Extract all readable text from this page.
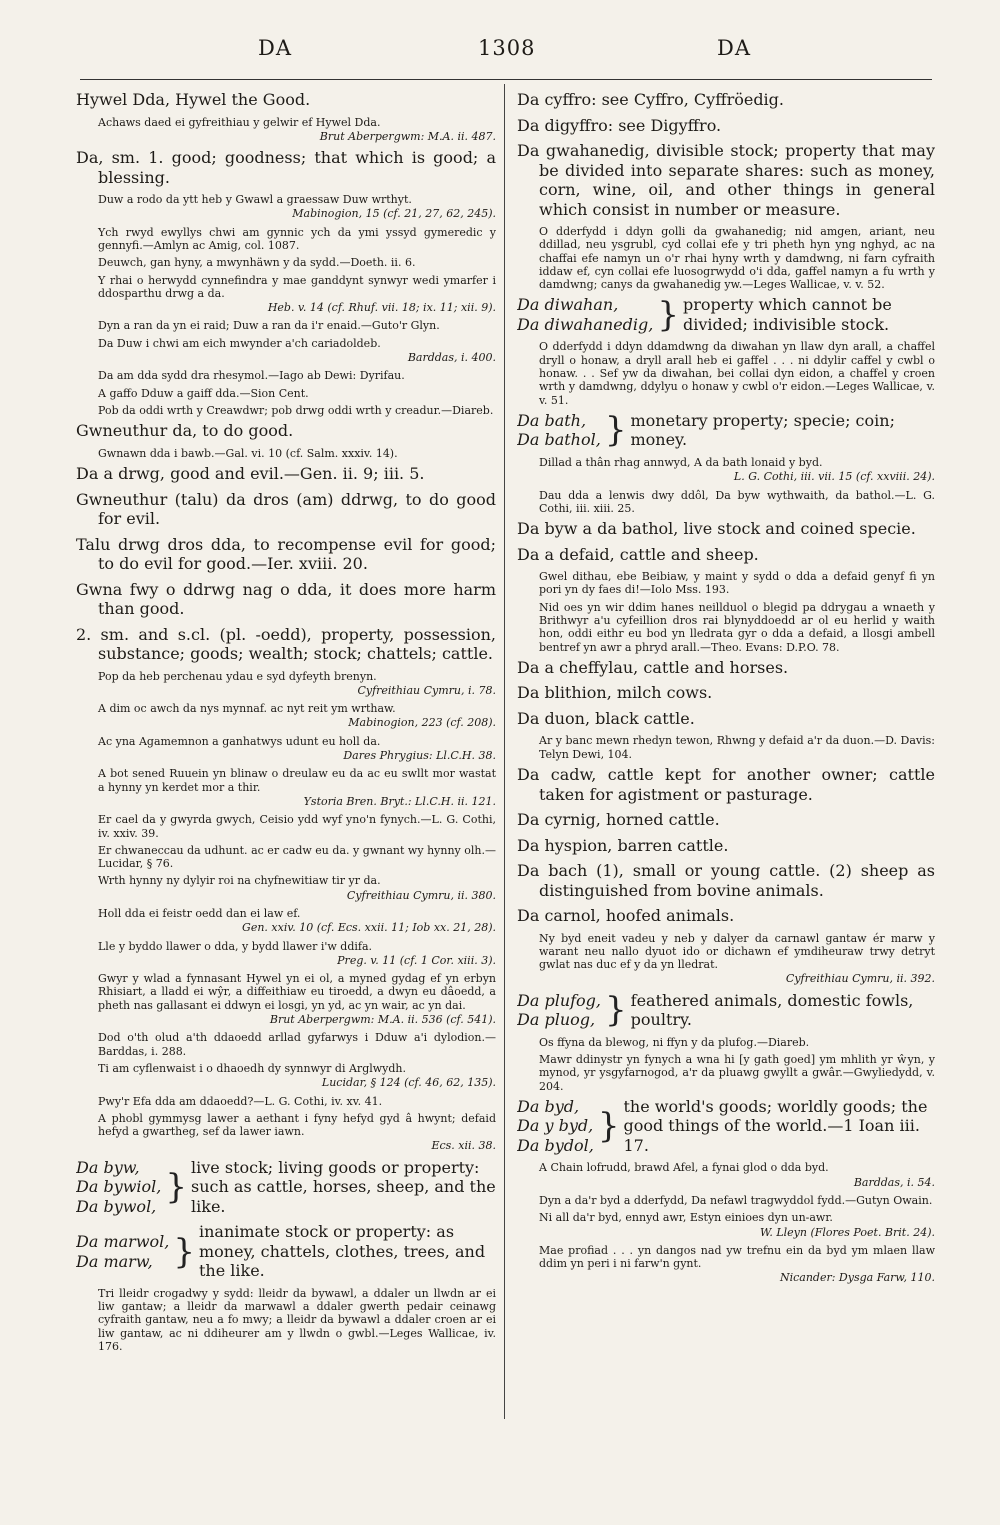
DA	1308	DA

Hywel Dda, Hywel the Good.

Achaws daed ei gyfreithiau y gelwir ef Hywel Dda.

Brut Aberpergwm: M.A. ii. 487.

Da, sm. 1. good; goodness; that which is good; a blessing.

Duw a rodo da ytt heb y Gwawl a graessaw Duw wrthyt.

Mabinogion, 15 (cf. 21, 27, 62, 245).

Ych rwyd ewyllys chwi am gynnic ych da ymi yssyd gymeredic y gennyfi.—Amlyn ac Amig, col. 1087.

Deuwch, gan hyny, a mwynhäwn y da sydd.—Doeth. ii. 6.

Y rhai o herwydd cynnefindra y mae ganddynt synwyr wedi ymarfer i ddosparthu drwg a da.

Heb. v. 14 (cf. Rhuf. vii. 18; ix. 11; xii. 9).

Dyn a ran da yn ei raid; Duw a ran da i'r enaid.—Guto'r Glyn.

Da Duw i chwi am eich mwynder a'ch cariadoldeb.

Barddas, i. 400.

Da am dda sydd dra rhesymol.—Iago ab Dewi: Dyrifau.

A gaffo Dduw a gaiff dda.—Sion Cent.

Pob da oddi wrth y Creawdwr; pob drwg oddi wrth y creadur.—Diareb.

Gwneuthur da, to do good.

Gwnawn dda i bawb.—Gal. vi. 10 (cf. Salm. xxxiv. 14).

Da a drwg, good and evil.—Gen. ii. 9; iii. 5.

Gwneuthur (talu) da dros (am) ddrwg, to do good for evil.

Talu drwg dros dda, to recompense evil for good; to do evil for good.—Ier. xviii. 20.

Gwna fwy o ddrwg nag o dda, it does more harm than good.

2. sm. and s.cl. (pl. -oedd), property, possession, substance; goods; wealth; stock; chattels; cattle.

Pop da heb perchenau ydau e syd dyfeyth brenyn.

Cyfreithiau Cymru, i. 78.

A dim oc awch da nys mynnaf. ac nyt reit ym wrthaw.

Mabinogion, 223 (cf. 208).

Ac yna Agamemnon a ganhatwys udunt eu holl da.

Dares Phrygius: Ll.C.H. 38.

A bot sened Ruuein yn blinaw o dreulaw eu da ac eu swllt mor wastat a hynny yn kerdet mor a thir.

Ystoria Bren. Bryt.: Ll.C.H. ii. 121.

Er cael da y gwyrda gwych, Ceisio ydd wyf yno'n fynych.—L. G. Cothi, iv. xxiv. 39.

Er chwaneccau da udhunt. ac er cadw eu da. y gwnant wy hynny olh.—Lucidar, § 76.

Wrth hynny ny dylyir roi na chyfnewitiaw tir yr da.

Cyfreithiau Cymru, ii. 380.

Holl dda ei feistr oedd dan ei law ef.

Gen. xxiv. 10 (cf. Ecs. xxii. 11; Iob xx. 21, 28).

Lle y byddo llawer o dda, y bydd llawer i'w ddifa.

Preg. v. 11 (cf. 1 Cor. xiii. 3).

Gwyr y wlad a fynnasant Hywel yn ei ol, a myned gydag ef yn erbyn Rhisiart, a lladd ei wŷr, a diffeithiaw eu tiroedd, a dwyn eu dâoedd, a pheth nas gallasant ei ddwyn ei losgi, yn yd, ac yn wair, ac yn dai.

Brut Aberpergwm: M.A. ii. 536 (cf. 541).

Dod o'th olud a'th ddaoedd arllad gyfarwys i Dduw a'i dylodion.—Barddas, i. 288.

Ti am cyflenwaist i o dhaoedh dy synnwyr di Arglwydh.

Lucidar, § 124 (cf. 46, 62, 135).

Pwy'r Efa dda am ddaoedd?—L. G. Cothi, iv. xv. 41.

A phobl gymmysg lawer a aethant i fyny hefyd gyd â hwynt; defaid hefyd a gwartheg, sef da lawer iawn.

Ecs. xii. 38.

Da byw,
Da bywiol,
Da bywol, } live stock; living goods or property: such as cattle, horses, sheep, and the like.
Da marwol,
Da marw, } inanimate stock or property: as money, chattels, clothes, trees, and the like.

Tri lleidr crogadwy y sydd: lleidr da bywawl, a ddaler un llwdn ar ei liw gantaw; a lleidr da marwawl a ddaler gwerth pedair ceinawg cyfraith gantaw, neu a fo mwy; a lleidr da bywawl a ddaler croen ar ei liw gantaw, ac ni ddiheurer am y llwdn o gwbl.—Leges Wallicae, iv. 176.

Da cyffro: see Cyffro, Cyffröedig.

Da digyffro: see Digyffro.

Da gwahanedig, divisible stock; property that may be divided into separate shares: such as money, corn, wine, oil, and other things in general which consist in number or measure.

O dderfydd i ddyn golli da gwahanedig; nid amgen, ariant, neu ddillad, neu ysgrubl, cyd collai efe y tri pheth hyn yng nghyd, ac na chaffai efe namyn un o'r rhai hyny wrth y damdwng, ni farn cyfraith iddaw ef, cyn collai efe luosogrwydd o'i dda, gaffel namyn a fu wrth y damdwng; canys da gwahanedig yw.—Leges Wallicae, v. v. 52.

Da diwahan,
Da diwahanedig, } property which cannot be divided; indivisible stock.

O dderfydd i ddyn ddamdwng da diwahan yn llaw dyn arall, a chaffel dryll o honaw, a dryll arall heb ei gaffel . . . ni ddylir caffel y cwbl o honaw. . . Sef yw da diwahan, bei collai dyn eidon, a chaffel y croen wrth y damdwng, ddylyu o honaw y cwbl o'r eidon.—Leges Wallicae, v. v. 51.

Da bath,
Da bathol, } monetary property; specie; coin; money.

Dillad a thân rhag annwyd, A da bath lonaid y byd.

L. G. Cothi, iii. vii. 15 (cf. xxviii. 24).

Dau dda a lenwis dwy ddôl, Da byw wythwaith, da bathol.—L. G. Cothi, iii. xiii. 25.

Da byw a da bathol, live stock and coined specie.

Da a defaid, cattle and sheep.

Gwel dithau, ebe Beibiaw, y maint y sydd o dda a defaid genyf fi yn pori yn dy faes di!—Iolo Mss. 193.

Nid oes yn wir ddim hanes neillduol o blegid pa ddrygau a wnaeth y Brithwyr a'u cyfeillion dros rai blynyddoedd ar ol eu herlid y waith hon, oddi eithr eu bod yn lledrata gyr o dda a defaid, a llosgi ambell bentref yn awr a phryd arall.—Theo. Evans: D.P.O. 78.

Da a cheffylau, cattle and horses.

Da blithion, milch cows.

Da duon, black cattle.

Ar y banc mewn rhedyn tewon, Rhwng y defaid a'r da duon.—D. Davis: Telyn Dewi, 104.

Da cadw, cattle kept for another owner; cattle taken for agistment or pasturage.

Da cyrnig, horned cattle.

Da hyspion, barren cattle.

Da bach (1), small or young cattle. (2) sheep as distinguished from bovine animals.

Da carnol, hoofed animals.

Ny byd eneit vadeu y neb y dalyer da carnawl gantaw ér marw y warant neu nallo dyuot ido or dichawn ef ymdiheuraw trwy detryt gwlat nas duc ef y da yn lledrat.

Cyfreithiau Cymru, ii. 392.

Da plufog,
Da pluog, } feathered animals, domestic fowls, poultry.

Os ffyna da blewog, ni ffyn y da plufog.—Diareb.

Mawr ddinystr yn fynych a wna hi [y gath goed] ym mhlith yr ŵyn, y mynod, yr ysgyfarnogod, a'r da pluawg gwyllt a gwâr.—Gwyliedydd, v. 204.

Da byd,
Da y byd,
Da bydol, } the world's goods; worldly goods; the good things of the world.—1 Ioan iii. 17.

A Chain lofrudd, brawd Afel, a fynai glod o dda byd.

Barddas, i. 54.

Dyn a da'r byd a dderfydd, Da nefawl tragwyddol fydd.—Gutyn Owain.

Ni all da'r byd, ennyd awr, Estyn einioes dyn un-awr.

W. Lleyn (Flores Poet. Brit. 24).

Mae profiad . . . yn dangos nad yw trefnu ein da byd ym mlaen llaw ddim yn peri i ni farw'n gynt.

Nicander: Dysga Farw, 110.
